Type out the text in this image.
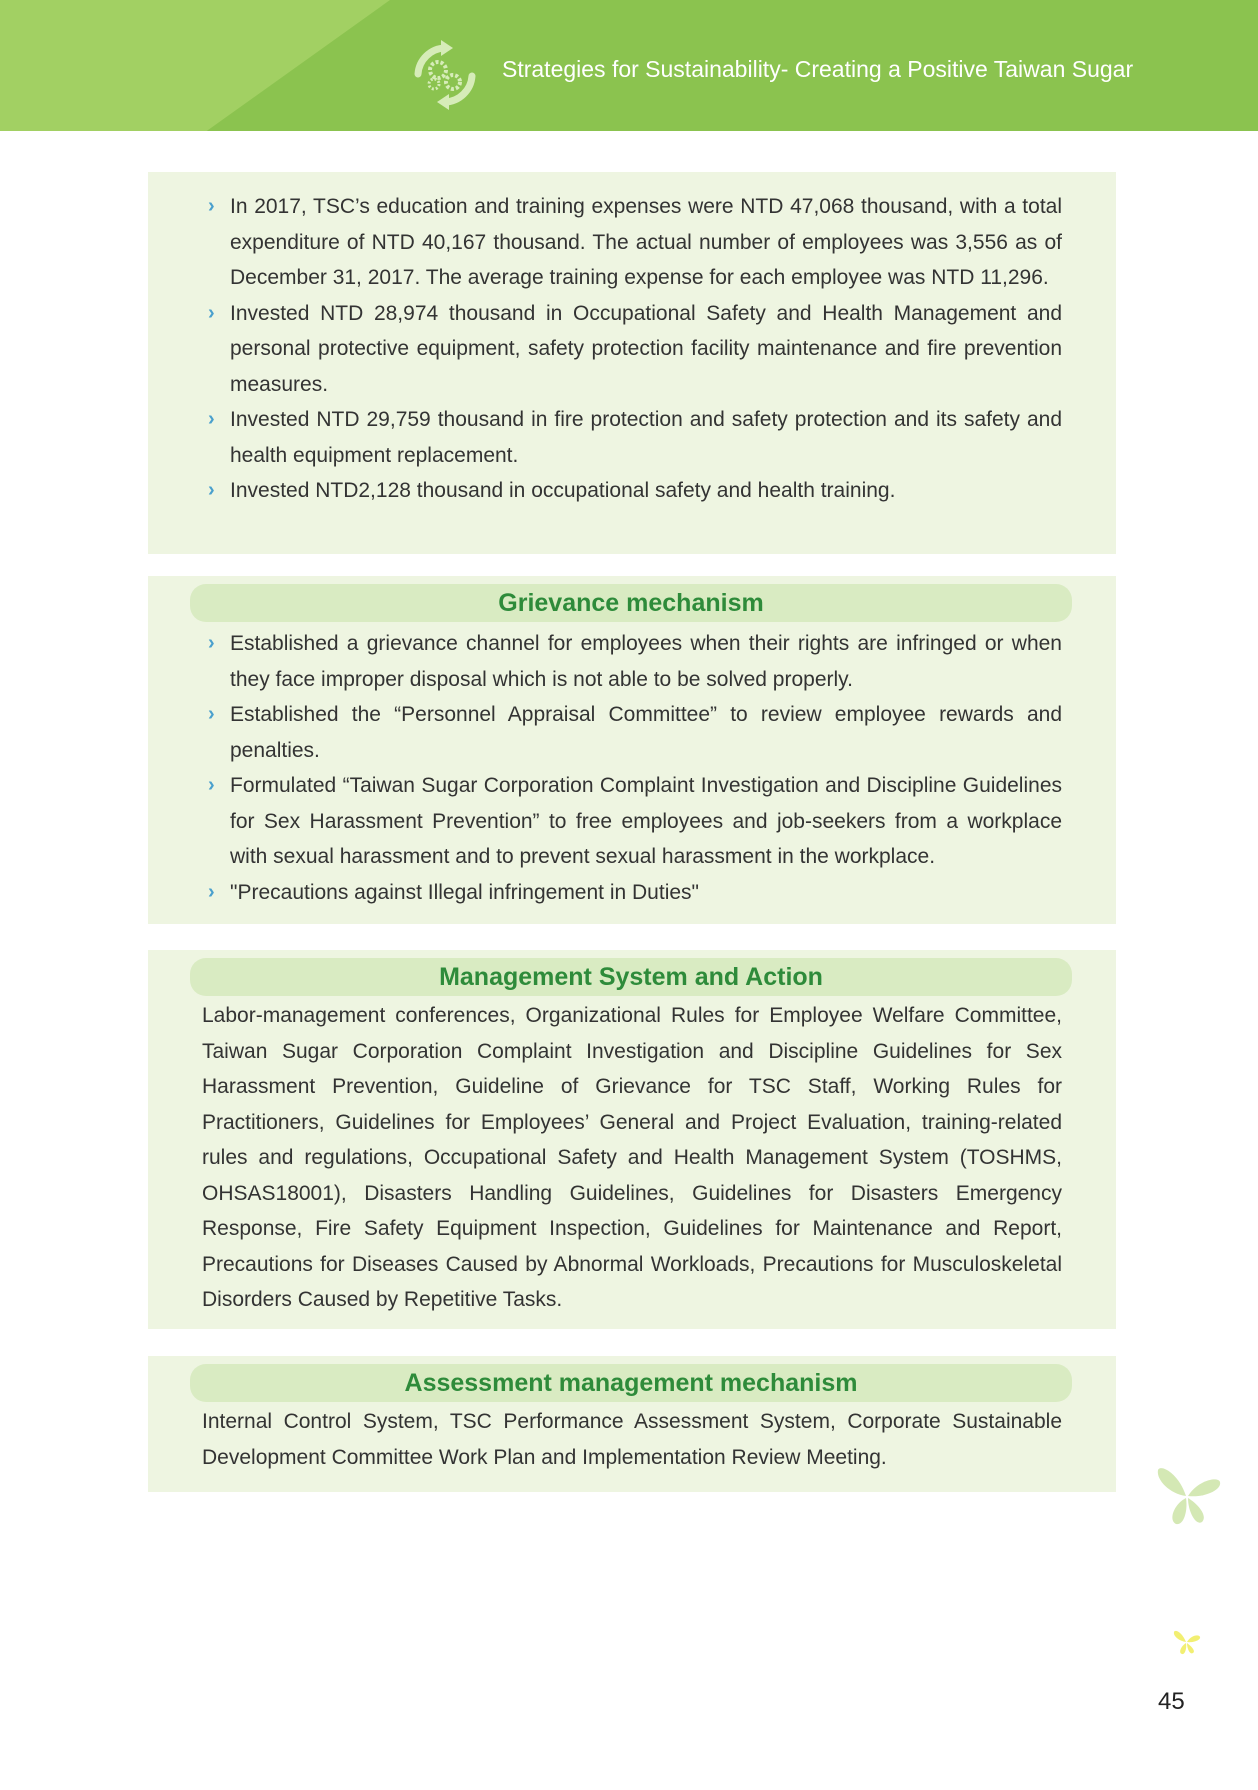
Strategies for Sustainability- Creating a Positive Taiwan Sugar
› In 2017, TSC’s education and training expenses were NTD 47,068 thousand, with a total expenditure of NTD 40,167 thousand. The actual number of employees was 3,556 as of December 31, 2017. The average training expense for each employee was NTD 11,296.
› Invested NTD 28,974 thousand in Occupational Safety and Health Management and personal protective equipment, safety protection facility maintenance and fire prevention measures.
› Invested NTD 29,759 thousand in fire protection and safety protection and its safety and health equipment replacement.
› Invested NTD2,128 thousand in occupational safety and health training.
Grievance mechanism
› Established a grievance channel for employees when their rights are infringed or when they face improper disposal which is not able to be solved properly.
› Established the “Personnel Appraisal Committee” to review employee rewards and penalties.
› Formulated “Taiwan Sugar Corporation Complaint Investigation and Discipline Guidelines for Sex Harassment Prevention” to free employees and job-seekers from a workplace with sexual harassment and to prevent sexual harassment in the workplace.
› "Precautions against Illegal infringement in Duties"
Management System and Action
Labor-management conferences, Organizational Rules for Employee Welfare Committee, Taiwan Sugar Corporation Complaint Investigation and Discipline Guidelines for Sex Harassment Prevention, Guideline of Grievance for TSC Staff, Working Rules for Practitioners, Guidelines for Employees’ General and Project Evaluation, training-related rules and regulations, Occupational Safety and Health Management System (TOSHMS, OHSAS18001), Disasters Handling Guidelines, Guidelines for Disasters Emergency Response, Fire Safety Equipment Inspection, Guidelines for Maintenance and Report, Precautions for Diseases Caused by Abnormal Workloads, Precautions for Musculoskeletal Disorders Caused by Repetitive Tasks.
Assessment management mechanism
Internal Control System, TSC Performance Assessment System, Corporate Sustainable Development Committee Work Plan and Implementation Review Meeting.
45
